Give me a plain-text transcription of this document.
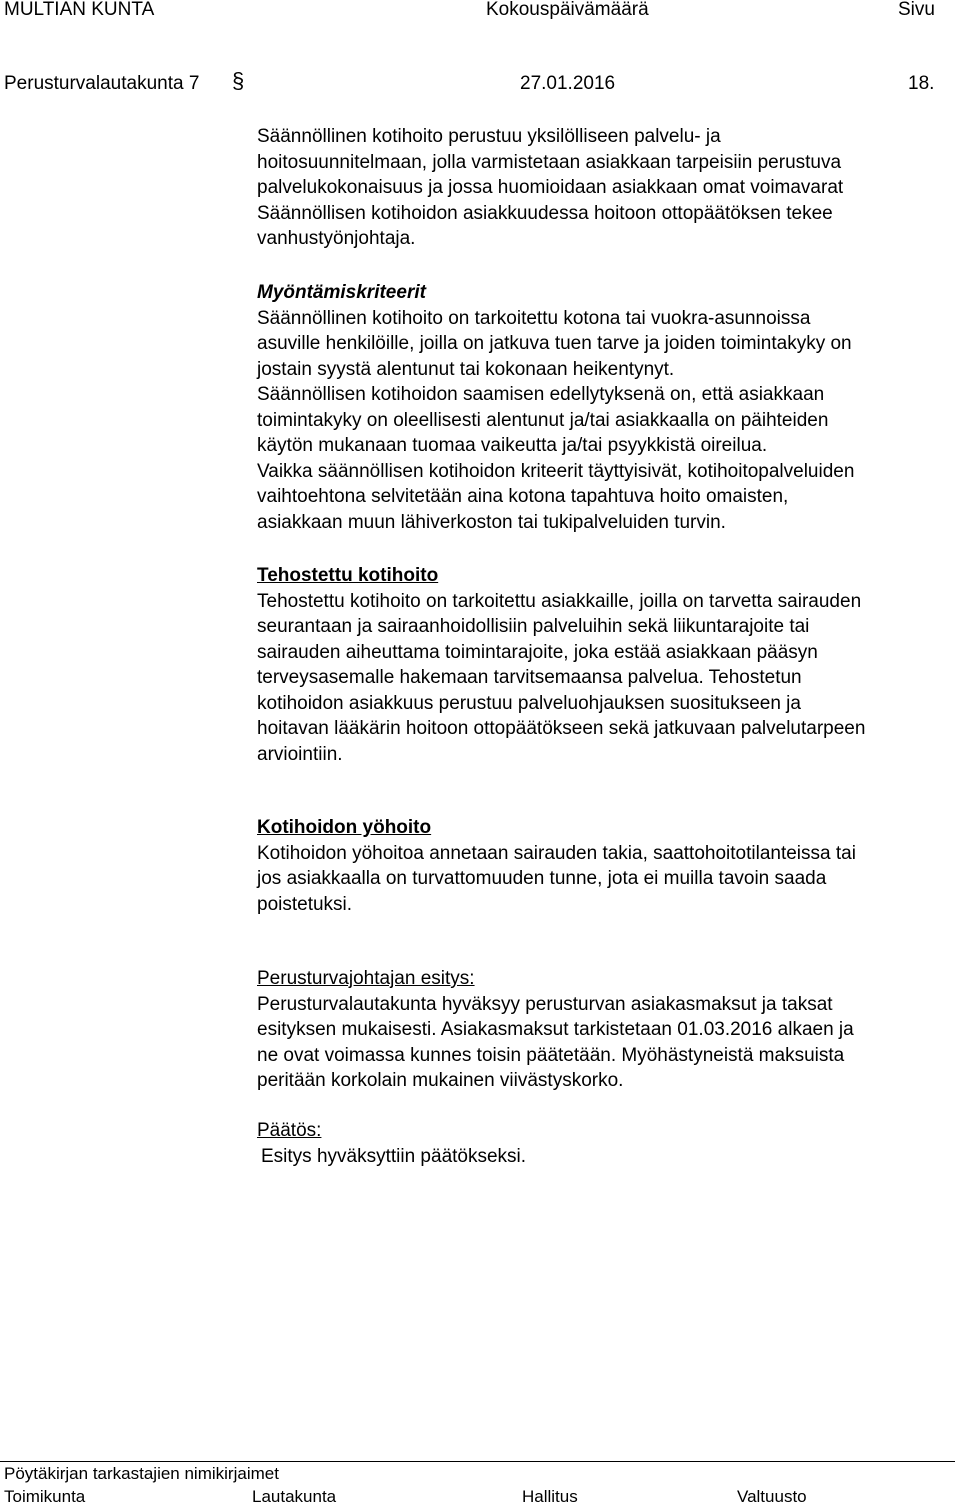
MULTIAN KUNTA	Kokouspäivämäärä	Sivu
Perusturvalautakunta 7 §	27.01.2016	18.
Säännöllinen kotihoito perustuu yksilölliseen palvelu- ja
hoitosuunnitelmaan, jolla varmistetaan asiakkaan tarpeisiin perustuva
palvelukokonaisuus ja jossa huomioidaan asiakkaan omat voimavarat
Säännöllisen kotihoidon asiakkuudessa hoitoon ottopäätöksen tekee
vanhustyönjohtaja.
Myöntämiskriteerit
Säännöllinen kotihoito on tarkoitettu kotona tai vuokra-asunnoissa
asuville henkilöille, joilla on jatkuva tuen tarve ja joiden toimintakyky on
jostain syystä alentunut tai kokonaan heikentynyt.
Säännöllisen kotihoidon saamisen edellytyksenä on, että asiakkaan
toimintakyky on oleellisesti alentunut ja/tai asiakkaalla on päihteiden
käytön mukanaan tuomaa vaikeutta ja/tai psyykkistä oireilua.
Vaikka säännöllisen kotihoidon kriteerit täyttyisivät, kotihoitopalveluiden
vaihtoehtona selvitetään aina kotona tapahtuva hoito omaisten,
asiakkaan muun lähiverkoston tai tukipalveluiden turvin.
Tehostettu kotihoito
Tehostettu kotihoito on tarkoitettu asiakkaille, joilla on tarvetta sairauden
seurantaan ja sairaanhoidollisiin palveluihin sekä liikuntarajoite tai
sairauden aiheuttama toimintarajoite, joka estää asiakkaan pääsyn
terveysasemalle hakemaan tarvitsemaansa palvelua. Tehostetun
kotihoidon asiakkuus perustuu palveluohjauksen suositukseen ja
hoitavan lääkärin hoitoon ottopäätökseen sekä jatkuvaan palvelutarpeen
arviointiin.
Kotihoidon yöhoito
Kotihoidon yöhoitoa annetaan sairauden takia, saattohoitotilanteissa tai
jos asiakkaalla on turvattomuuden tunne, jota ei muilla tavoin saada
poistetuksi.
Perusturvajohtajan esitys:
Perusturvalautakunta hyväksyy perusturvan asiakasmaksut ja taksat
esityksen mukaisesti. Asiakasmaksut tarkistetaan 01.03.2016 alkaen ja
ne ovat voimassa kunnes toisin päätetään. Myöhästyneistä maksuista
peritään korkolain mukainen viivästyskorko.
Päätös:
Esitys hyväksyttiin päätökseksi.
Pöytäkirjan tarkastajien nimikirjaimet
Toimikunta	Lautakunta	Hallitus	Valtuusto
